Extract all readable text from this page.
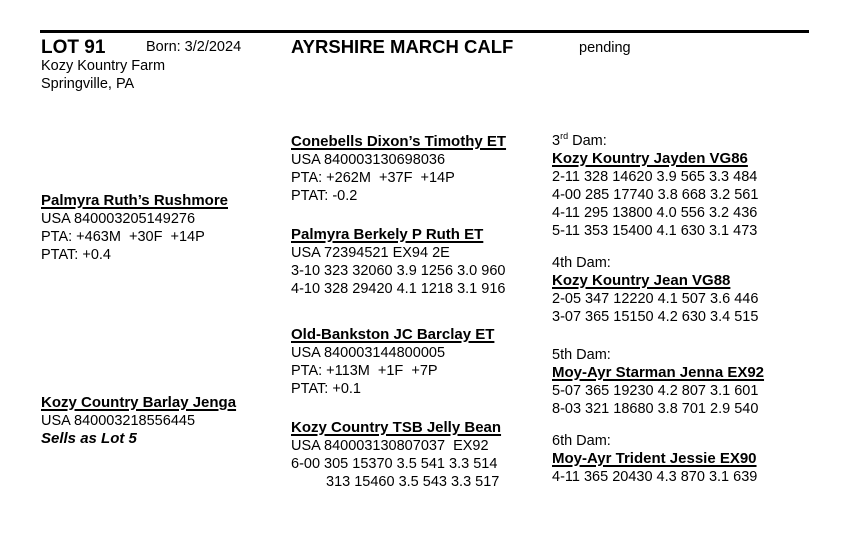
LOT 91	Born: 3/2/2024
Kozy Kountry Farm
Springville, PA
AYRSHIRE MARCH CALF	pending
Palmyra Ruth’s Rushmore
USA 840003205149276
PTA: +463M  +30F  +14P
PTAT: +0.4
Kozy Country Barlay Jenga
USA 840003218556445
Sells as Lot 5
Conebells Dixon’s Timothy ET
USA 840003130698036
PTA: +262M  +37F  +14P
PTAT: -0.2
Palmyra Berkely P Ruth ET
USA 72394521 EX94 2E
3-10 323 32060 3.9 1256 3.0 960
4-10 328 29420 4.1 1218 3.1 916
Old-Bankston JC Barclay ET
USA 840003144800005
PTA: +113M  +1F  +7P
PTAT: +0.1
Kozy Country TSB Jelly Bean
USA 840003130807037  EX92
6-00 305 15370 3.5 541 3.3 514
313 15460 3.5 543 3.3 517
3rd Dam:
Kozy Kountry Jayden VG86
2-11 328 14620 3.9 565 3.3 484
4-00 285 17740 3.8 668 3.2 561
4-11 295 13800 4.0 556 3.2 436
5-11 353 15400 4.1 630 3.1 473
4th Dam:
Kozy Kountry Jean VG88
2-05 347 12220 4.1 507 3.6 446
3-07 365 15150 4.2 630 3.4 515
5th Dam:
Moy-Ayr Starman Jenna EX92
5-07 365 19230 4.2 807 3.1 601
8-03 321 18680 3.8 701 2.9 540
6th Dam:
Moy-Ayr Trident Jessie EX90
4-11 365 20430 4.3 870 3.1 639
